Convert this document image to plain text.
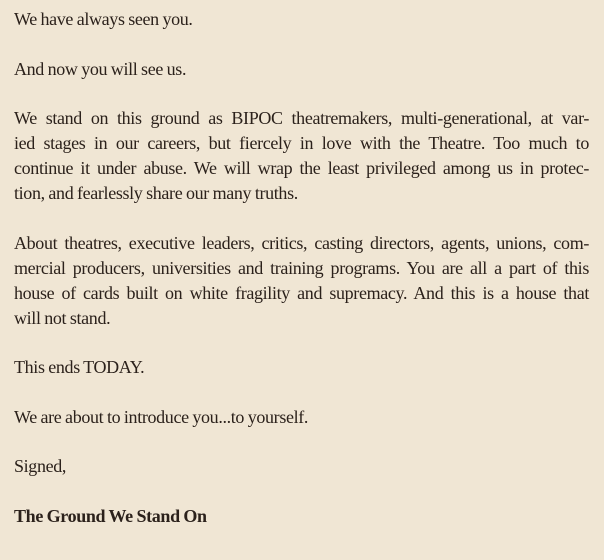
We have always seen you.

And now you will see us.

We stand on this ground as BIPOC theatremakers, multi-generational, at var-
ied stages in our careers, but fiercely in love with the Theatre. Too much to
continue it under abuse. We will wrap the least privileged among us in protec-
tion, and fearlessly share our many truths.

About theatres, executive leaders, critics, casting directors, agents, unions, com-
mercial producers, universities and training programs. You are all a part of this
house of cards built on white fragility and supremacy. And this is a house that
will not stand.

This ends TODAY.

We are about to introduce you...to yourself.

Signed,

The Ground We Stand On
